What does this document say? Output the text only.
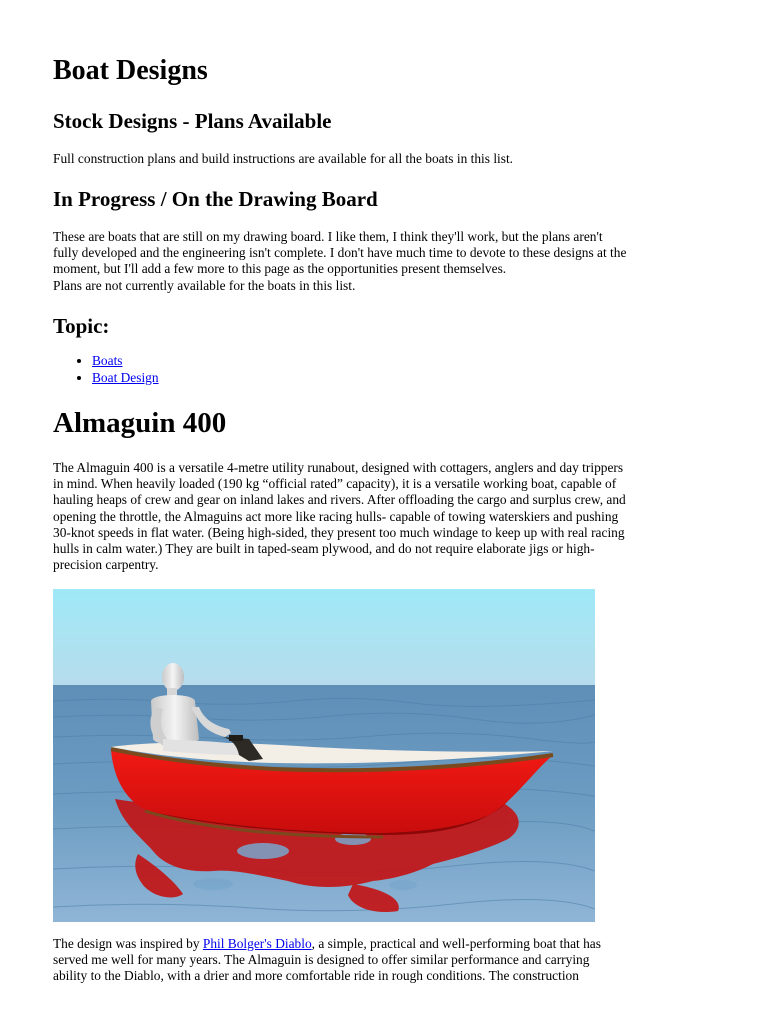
Boat Designs
Stock Designs - Plans Available

Full construction plans and build instructions are available for all the boats in this list.

In Progress / On the Drawing Board

These are boats that are still on my drawing board. I like them, I think they'll work, but the plans aren't

fully developed and the engineering isn't complete. I don't have much time to devote to these designs at the

moment, but I'll add a few more to this page as the opportunities present themselves.

Plans are not currently available for the boats in this list.

Topic:
• Boats
• Boat Design
Almaguin 400

The Almaguin 400 is a versatile 4-metre utility runabout, designed with cottagers, anglers and day trippers

in mind. When heavily loaded (190 kg “official rated” capacity), it is a versatile working boat, capable of

hauling heaps of crew and gear on inland lakes and rivers. After offloading the cargo and surplus crew, and

opening the throttle, the Almaguins act more like racing hulls- capable of towing waterskiers and pushing

30-knot speeds in flat water. (Being high-sided, they present too much windage to keep up with real racing

hulls in calm water.) They are built in taped-seam plywood, and do not require elaborate jigs or high-

precision carpentry.

The design was inspired by Phil Bolger's Diablo, a simple, practical and well-performing boat that has

served me well for many years. The Almaguin is designed to offer similar performance and carrying

ability to the Diablo, with a drier and more comfortable ride in rough conditions. The construction
